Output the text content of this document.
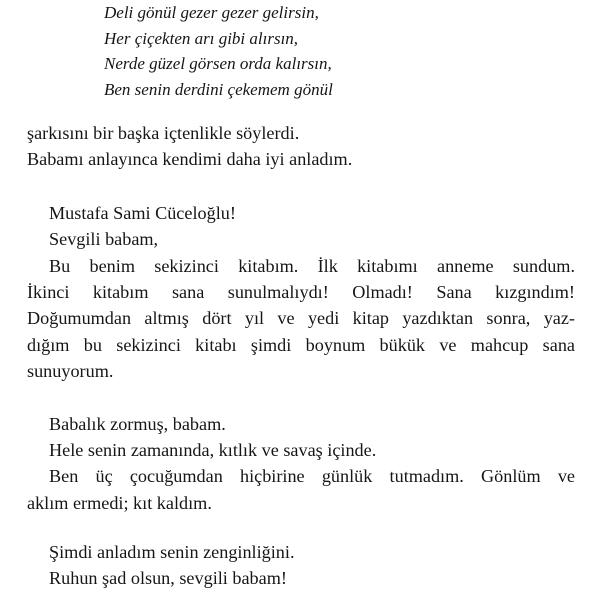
Deli gönül gezer gezer gelirsin,
Her çiçekten arı gibi alırsın,
Nerde güzel görsen orda kalırsın,
Ben senin derdini çekemem gönül
şarkısını bir başka içtenlikle söylerdi.
Babamı anlayınca kendimi daha iyi anladım.
Mustafa Sami Cüceloğlu!
Sevgili babam,
Bu benim sekizinci kitabım. İlk kitabımı anneme sundum.
İkinci kitabım sana sunulmalıydı! Olmadı! Sana kızgındım!
Doğumumdan altmış dört yıl ve yedi kitap yazdıktan sonra, yaz-
dığım bu sekizinci kitabı şimdi boynum bükük ve mahcup sana
sunuyorum.
Babalık zormuş, babam.
Hele senin zamanında, kıtlık ve savaş içinde.
Ben üç çocuğumdan hiçbirine günlük tutmadım. Gönlüm ve
aklım ermedi; kıt kaldım.
Şimdi anladım senin zenginliğini.
Ruhun şad olsun, sevgili babam!
